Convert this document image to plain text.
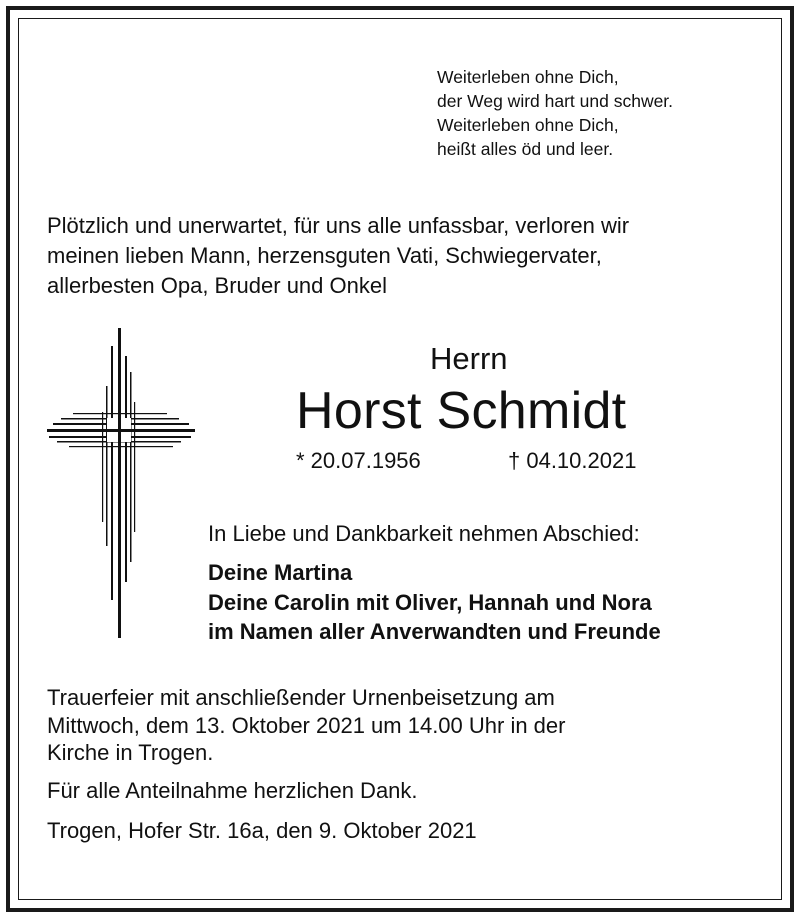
Weiterleben ohne Dich,
der Weg wird hart und schwer.
Weiterleben ohne Dich,
heißt alles öd und leer.
Plötzlich und unerwartet, für uns alle unfassbar, verloren wir
meinen lieben Mann, herzensguten Vati, Schwiegervater,
allerbesten Opa, Bruder und Onkel
Herrn
Horst Schmidt
* 20.07.1956	† 04.10.2021
In Liebe und Dankbarkeit nehmen Abschied:
Deine Martina
Deine Carolin mit Oliver, Hannah und Nora
im Namen aller Anverwandten und Freunde
Trauerfeier mit anschließender Urnenbeisetzung am
Mittwoch, dem 13. Oktober 2021 um 14.00 Uhr in der
Kirche in Trogen.
Für alle Anteilnahme herzlichen Dank.
Trogen, Hofer Str. 16a, den 9. Oktober 2021
